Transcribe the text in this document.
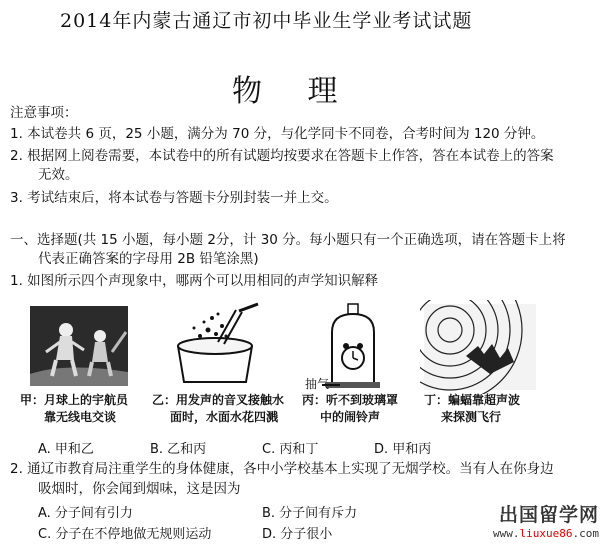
2014年内蒙古通辽市初中毕业生学业考试试题
物 理
注意事项：
1. 本试卷共 6 页，25 小题，满分为 70 分，与化学同卡不同卷，合考时间为 120 分钟。
2. 根据网上阅卷需要，本试卷中的所有试题均按要求在答题卡上作答，答在本试卷上的答案
无效。
3. 考试结束后，将本试卷与答题卡分别封装一并上交。
一、选择题(共 15 小题，每小题 2分，计 30 分。每小题只有一个正确选项，请在答题卡上将
代表正确答案的字母用 2B 铅笔涂黑)
1. 如图所示四个声现象中，哪两个可以用相同的声学知识解释
抽气
甲：月球上的宇航员
靠无线电交谈
乙：用发声的音叉接触水
面时，水面水花四溅
丙：听不到玻璃罩
中的闹铃声
丁：蝙蝠靠超声波
来探测飞行
A. 甲和乙	B. 乙和丙	C. 丙和丁	D. 甲和丙
2. 通辽市教育局注重学生的身体健康，各中小学校基本上实现了无烟学校。当有人在你身边
吸烟时，你会闻到烟味，这是因为
A. 分子间有引力	B. 分子间有斥力
C. 分子在不停地做无规则运动	D. 分子很小
出国留学网
www.liuxue86.com
